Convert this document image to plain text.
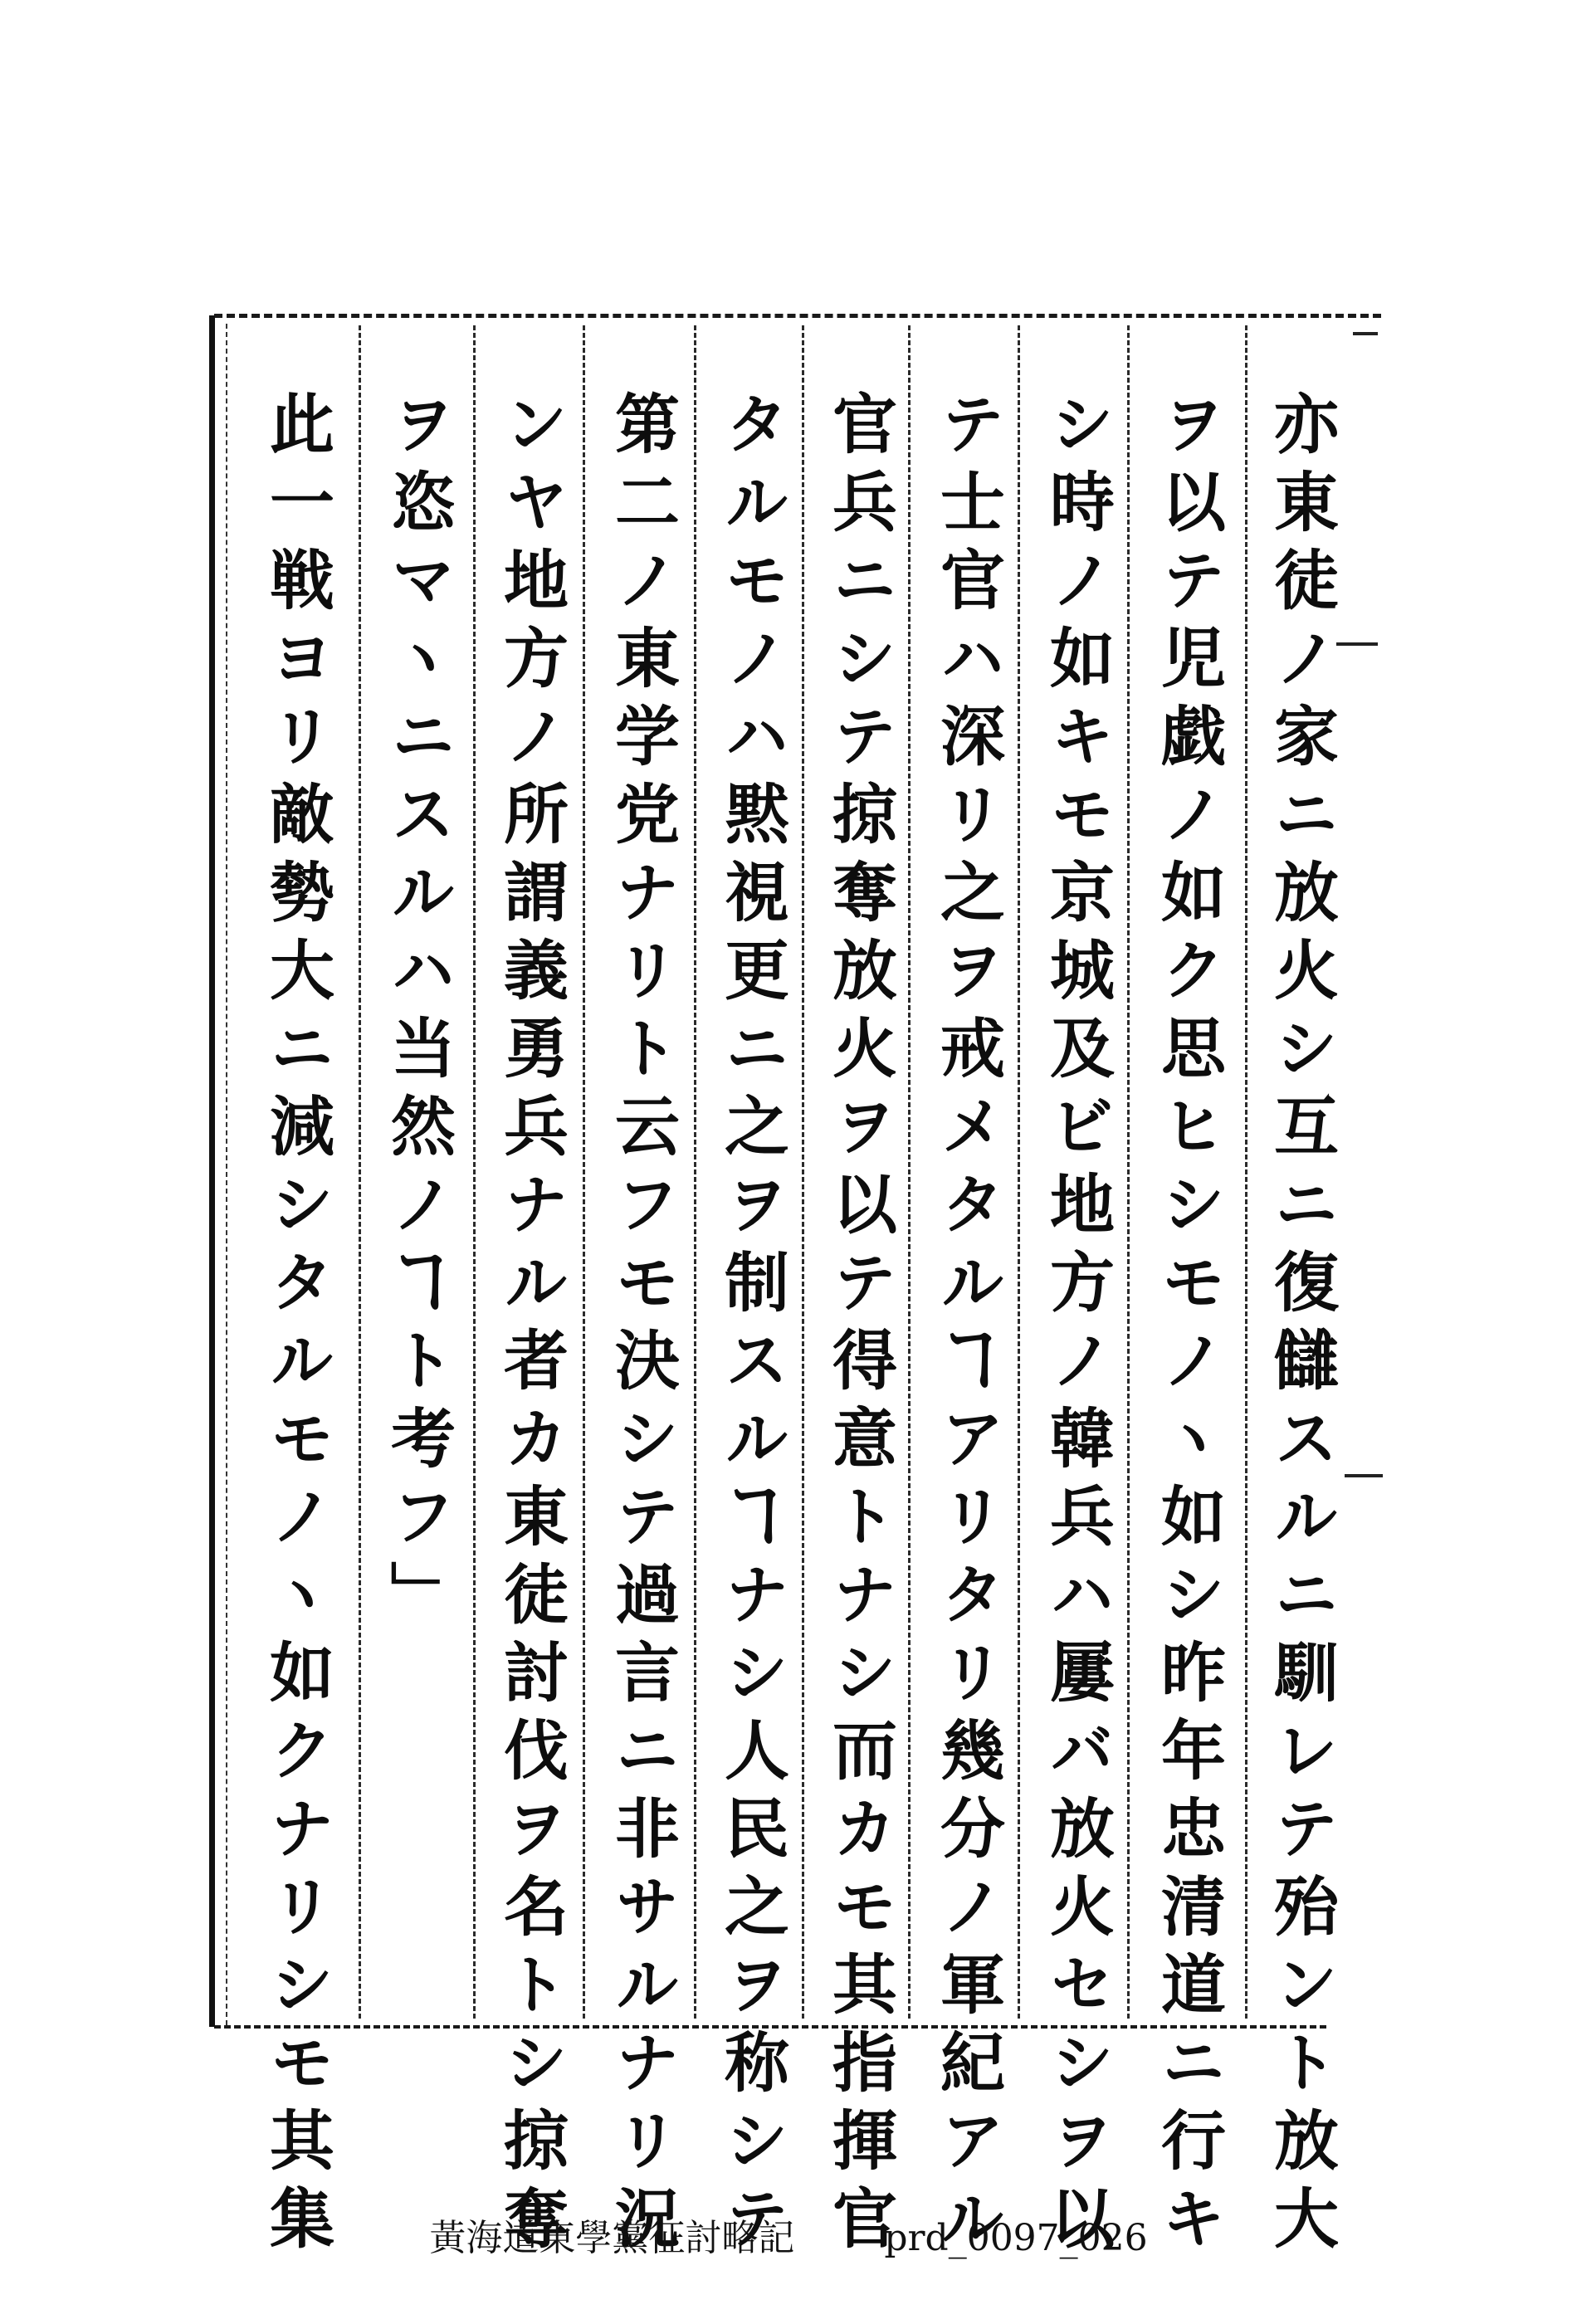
亦東徒ノ家ニ放火シ互ニ復讎スルニ馴レテ殆ント放大
ヲ以テ児戯ノ如ク思ヒシモノヽ如シ昨年忠清道ニ行キ
シ時ノ如キモ京城及ビ地方ノ韓兵ハ屢バ放火セシヲ以
テ士官ハ深リ之ヲ戒メタルヿアリタリ幾分ノ軍紀アル
官兵ニシテ掠奪放火ヲ以テ得意トナシ而カモ其指揮官
タルモノハ黙視更ニ之ヲ制スルヿナシ人民之ヲ称シテ
第二ノ東学党ナリト云フモ決シテ過言ニ非サルナリ況
ンヤ地方ノ所謂義勇兵ナル者カ東徒討伐ヲ名トシ掠奪
ヲ恣マヽニスルハ当然ノヿト考フ」
此一戦ヨリ敵勢大ニ減シタルモノヽ如クナリシモ其集	黃海道東學黨征討略記 prd_0097_026
